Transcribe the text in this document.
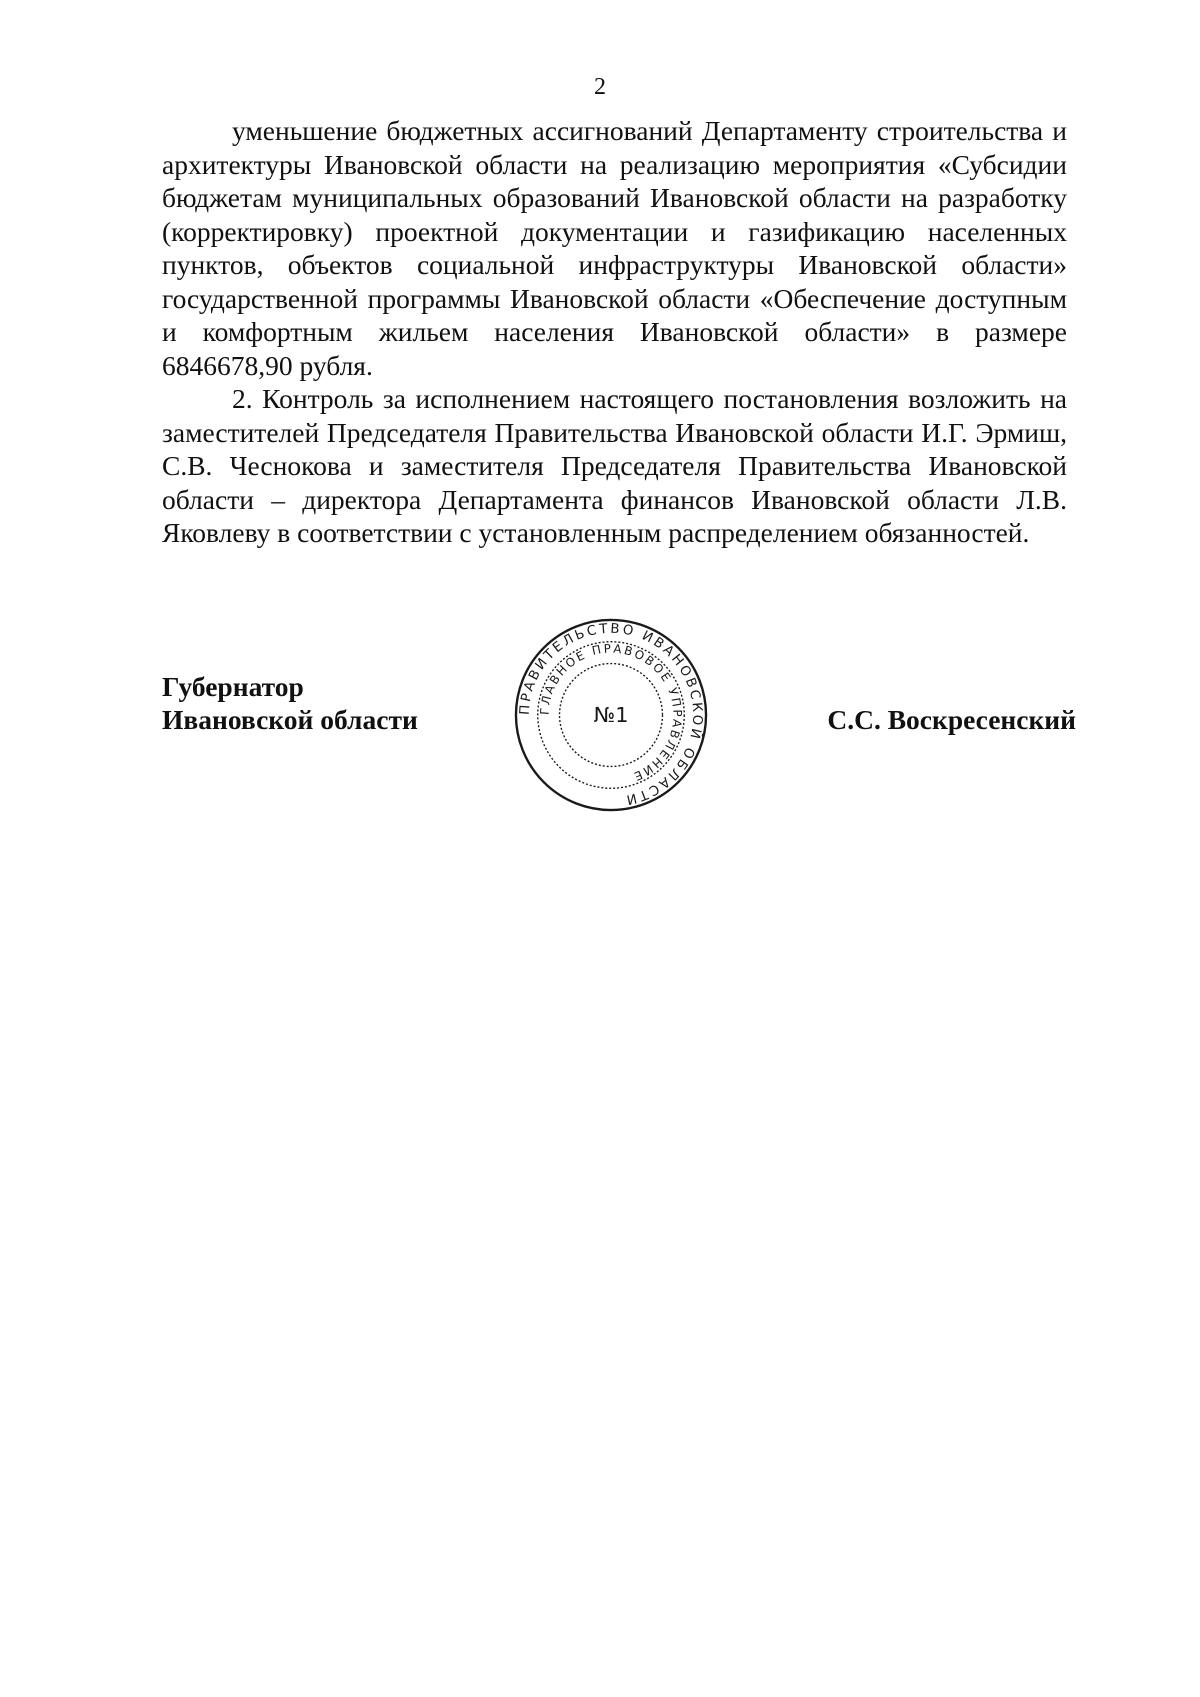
2

уменьшение бюджетных ассигнований Департаменту строительства и архитектуры Ивановской области на реализацию мероприятия «Субсидии бюджетам муниципальных образований Ивановской области на разработку (корректировку) проектной документации и газификацию населенных пунктов, объектов социальной инфраструктуры Ивановской области» государственной программы Ивановской области «Обеспечение доступным и комфортным жильем населения Ивановской области» в размере 6846678,90 рубля.

2. Контроль за исполнением настоящего постановления возложить на заместителей Председателя Правительства Ивановской области И.Г. Эрмиш, С.В. Чеснокова и заместителя Председателя Правительства Ивановской области – директора Департамента финансов Ивановской области Л.В. Яковлеву в соответствии с установленным распределением обязанностей.

Губернатор
Ивановской области	ПРАВИТЕЛЬСТВО ИВАНОВСКОЙ ОБЛАСТИ
ГЛАВНОЕ ПРАВОВОЕ УПРАВЛЕНИЕ
№1	С.С. Воскресенский
